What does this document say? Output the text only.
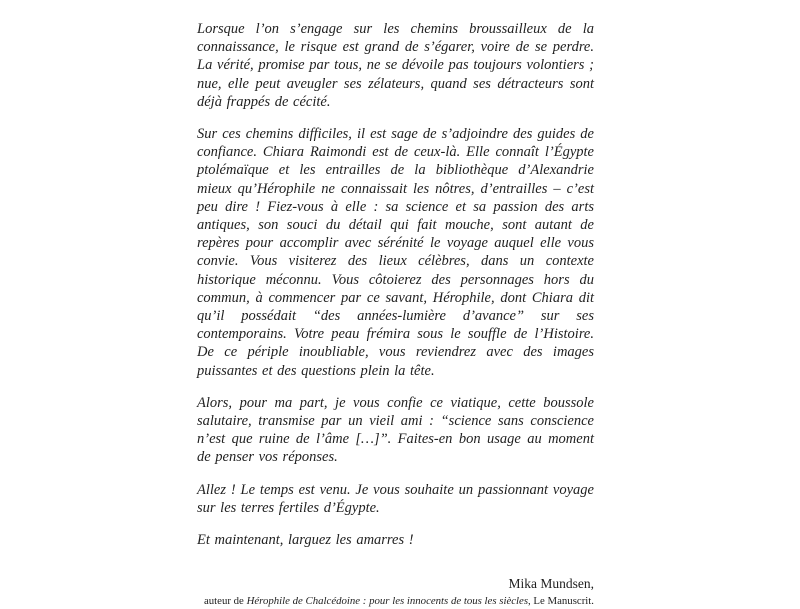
Lorsque l’on s’engage sur les chemins broussailleux de la connaissance, le risque est grand de s’égarer, voire de se perdre. La vérité, promise par tous, ne se dévoile pas toujours volontiers ; nue, elle peut aveugler ses zélateurs, quand ses détracteurs sont déjà frappés de cécité.

Sur ces chemins difficiles, il est sage de s’adjoindre des guides de confiance. Chiara Raimondi est de ceux-là. Elle connaît l’Égypte ptolémaïque et les entrailles de la bibliothèque d’Alexandrie mieux qu’Hérophile ne connaissait les nôtres, d’entrailles – c’est peu dire ! Fiez-vous à elle : sa science et sa passion des arts antiques, son souci du détail qui fait mouche, sont autant de repères pour accomplir avec sérénité le voyage auquel elle vous convie. Vous visiterez des lieux célèbres, dans un contexte historique méconnu. Vous côtoierez des personnages hors du commun, à commencer par ce savant, Hérophile, dont Chiara dit qu’il possédait “des années-lumière d’avance” sur ses contemporains. Votre peau frémira sous le souffle de l’Histoire. De ce périple inoubliable, vous reviendrez avec des images puissantes et des questions plein la tête.

Alors, pour ma part, je vous confie ce viatique, cette boussole salutaire, transmise par un vieil ami : “science sans conscience n’est que ruine de l’âme […]”. Faites-en bon usage au moment de penser vos réponses.

Allez ! Le temps est venu. Je vous souhaite un passionnant voyage sur les terres fertiles d’Égypte.

Et maintenant, larguez les amarres !

Mika Mundsen,

auteur de Hérophile de Chalcédoine : pour les innocents de tous les siècles, Le Manuscrit.
